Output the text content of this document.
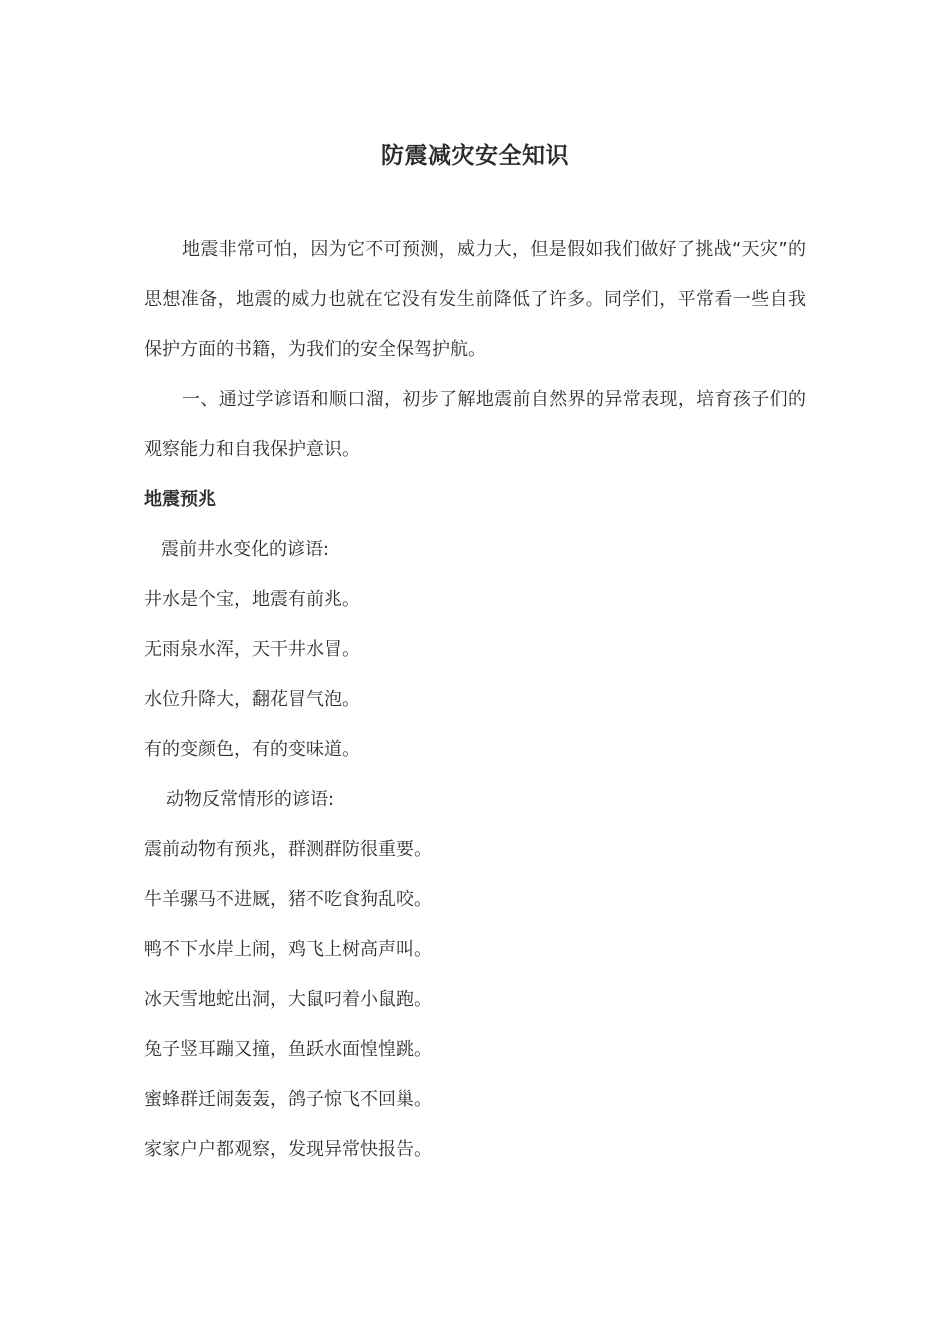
防震减灾安全知识

地震非常可怕，因为它不可预测，威力大，但是假如我们做好了挑战“天灾”的思想准备，地震的威力也就在它没有发生前降低了许多。同学们，平常看一些自我保护方面的书籍，为我们的安全保驾护航。

一、通过学谚语和顺口溜，初步了解地震前自然界的异常表现，培育孩子们的观察能力和自我保护意识。

地震预兆

震前井水变化的谚语:

井水是个宝，地震有前兆。

无雨泉水浑，天干井水冒。

水位升降大，翻花冒气泡。

有的变颜色，有的变味道。

动物反常情形的谚语:

震前动物有预兆，群测群防很重要。

牛羊骡马不进厩，猪不吃食狗乱咬。

鸭不下水岸上闹，鸡飞上树高声叫。

冰天雪地蛇出洞，大鼠叼着小鼠跑。

兔子竖耳蹦又撞，鱼跃水面惶惶跳。

蜜蜂群迁闹轰轰，鸽子惊飞不回巢。

家家户户都观察，发现异常快报告。
